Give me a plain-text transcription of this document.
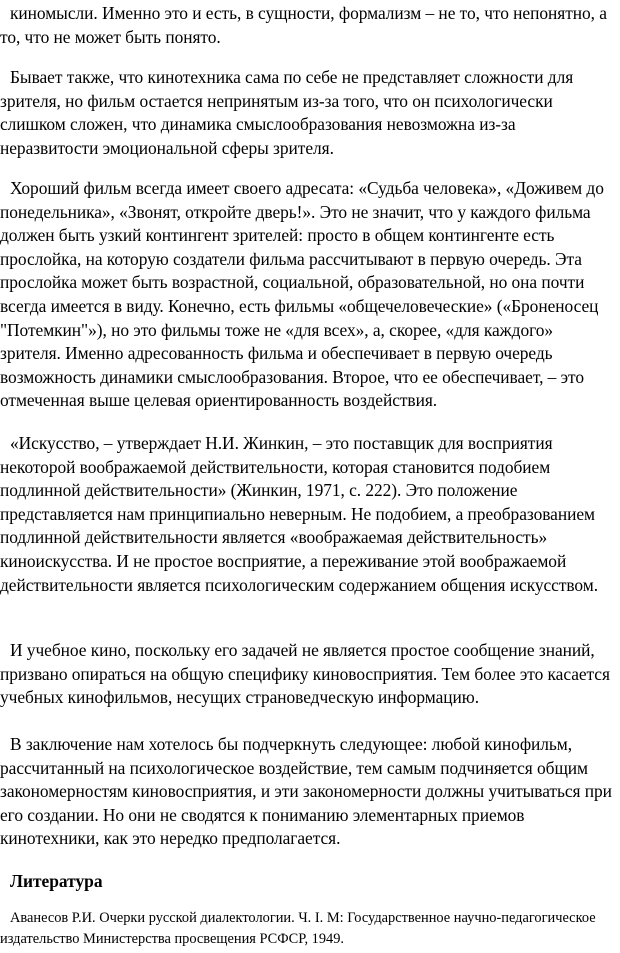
киномысли. Именно это и есть, в сущности, формализм – не то, что непонятно, а то, что не может быть понято.

Бывает также, что кинотехника сама по себе не представляет сложности для зрителя, но фильм остается непринятым из-за того, что он психологически слишком сложен, что динамика смыслообразования невозможна из-за неразвитости эмоциональной сферы зрителя.

Хороший фильм всегда имеет своего адресата: «Судьба человека», «Доживем до понедельника», «Звонят, откройте дверь!». Это не значит, что у каждого фильма должен быть узкий контингент зрителей: просто в общем контингенте есть прослойка, на которую создатели фильма рассчитывают в первую очередь. Эта прослойка может быть возрастной, социальной, образовательной, но она почти всегда имеется в виду. Конечно, есть фильмы «общечеловеческие» («Броненосец "Потемкин"»), но это фильмы тоже не «для всех», а, скорее, «для каждого» зрителя. Именно адресованность фильма и обеспечивает в первую очередь возможность динамики смыслообразования. Второе, что ее обеспечивает, – это отмеченная выше целевая ориентированность воздействия.

«Искусство, – утверждает Н.И. Жинкин, – это поставщик для восприятия некоторой воображаемой действительности, которая становится подобием подлинной действительности» (Жинкин, 1971, с. 222). Это положение представляется нам принципиально неверным. Не подобием, а преобразованием подлинной действительности является «воображаемая действительность» киноискусства. И не простое восприятие, а переживание этой воображаемой действительности является психологическим содержанием общения искусством.

И учебное кино, поскольку его задачей не является простое сообщение знаний, призвано опираться на общую специфику киновосприятия. Тем более это касается учебных кинофильмов, несущих страноведческую информацию.

В заключение нам хотелось бы подчеркнуть следующее: любой кинофильм, рассчитанный на психологическое воздействие, тем самым подчиняется общим закономерностям киновосприятия, и эти закономерности должны учитываться при его создании. Но они не сводятся к пониманию элементарных приемов кинотехники, как это нередко предполагается.

Литература

Аванесов Р.И. Очерки русской диалектологии. Ч. I. М: Государственное научно-педагогическое издательство Министерства просвещения РСФСР, 1949.
